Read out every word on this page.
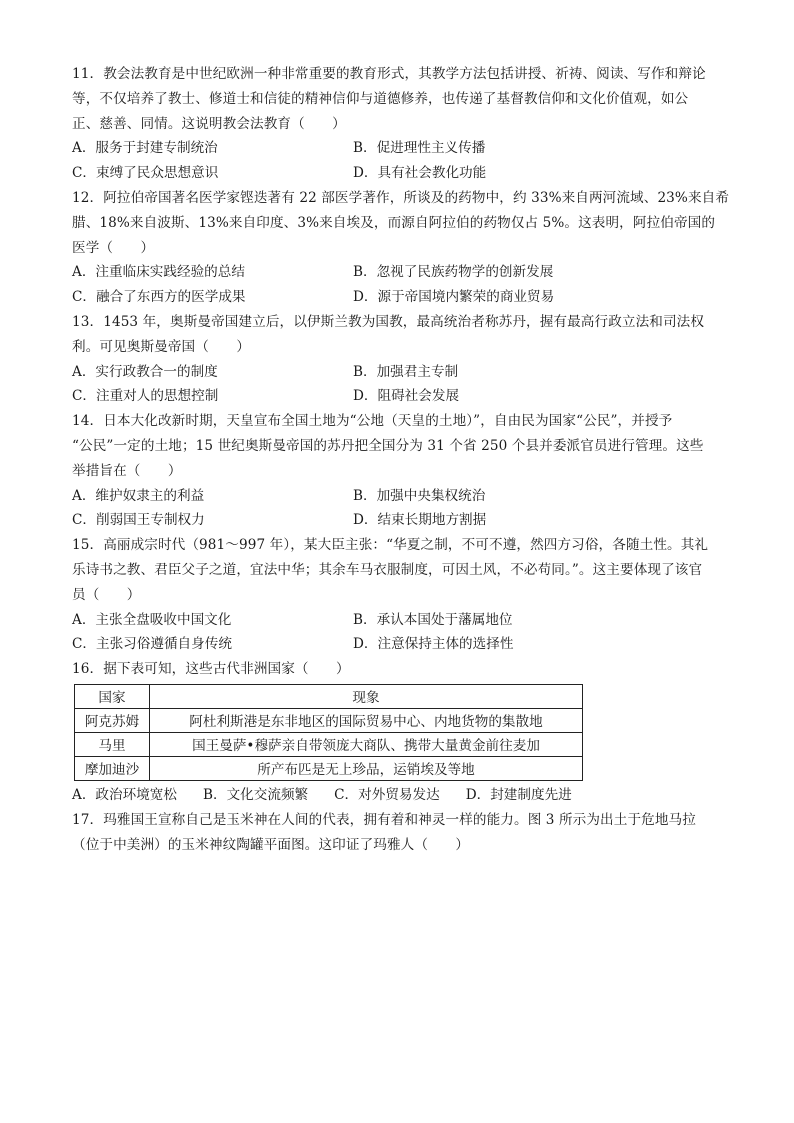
11．教会法教育是中世纪欧洲一种非常重要的教育形式，其教学方法包括讲授、祈祷、阅读、写作和辩论
等，不仅培养了教士、修道士和信徒的精神信仰与道德修养，也传递了基督教信仰和文化价值观，如公
正、慈善、同情。这说明教会法教育（　　）
A．服务于封建专制统治	B．促进理性主义传播
C．束缚了民众思想意识	D．具有社会教化功能
12．阿拉伯帝国著名医学家铿迭著有 22 部医学著作，所谈及的药物中，约 33%来自两河流域、23%来自希
腊、18%来自波斯、13%来自印度、3%来自埃及，而源自阿拉伯的药物仅占 5%。这表明，阿拉伯帝国的
医学（　　）
A．注重临床实践经验的总结	B．忽视了民族药物学的创新发展
C．融合了东西方的医学成果	D．源于帝国境内繁荣的商业贸易
13．1453 年，奥斯曼帝国建立后，以伊斯兰教为国教，最高统治者称苏丹，握有最高行政立法和司法权
利。可见奥斯曼帝国（　　）
A．实行政教合一的制度	B．加强君主专制
C．注重对人的思想控制	D．阻碍社会发展
14．日本大化改新时期，天皇宣布全国土地为“公地（天皇的土地）”，自由民为国家“公民”，并授予
“公民”一定的土地；15 世纪奥斯曼帝国的苏丹把全国分为 31 个省 250 个县并委派官员进行管理。这些
举措旨在（　　）
A．维护奴隶主的利益	B．加强中央集权统治
C．削弱国王专制权力	D．结束长期地方割据
15．高丽成宗时代（981～997 年），某大臣主张：“华夏之制，不可不遵，然四方习俗，各随土性。其礼
乐诗书之教、君臣父子之道，宜法中华；其余车马衣服制度，可因土风，不必苟同。”。这主要体现了该官
员（　　）
A．主张全盘吸收中国文化	B．承认本国处于藩属地位
C．主张习俗遵循自身传统	D．注意保持主体的选择性
16．据下表可知，这些古代非洲国家（　　）
国家	现象
阿克苏姆	阿杜利斯港是东非地区的国际贸易中心、内地货物的集散地
马里	国王曼萨•穆萨亲自带领庞大商队、携带大量黄金前往麦加
摩加迪沙	所产布匹是无上珍品，运销埃及等地
A．政治环境宽松 B．文化交流频繁 C．对外贸易发达 D．封建制度先进
17．玛雅国王宣称自己是玉米神在人间的代表，拥有着和神灵一样的能力。图 3 所示为出土于危地马拉
（位于中美洲）的玉米神纹陶罐平面图。这印证了玛雅人（　　）
